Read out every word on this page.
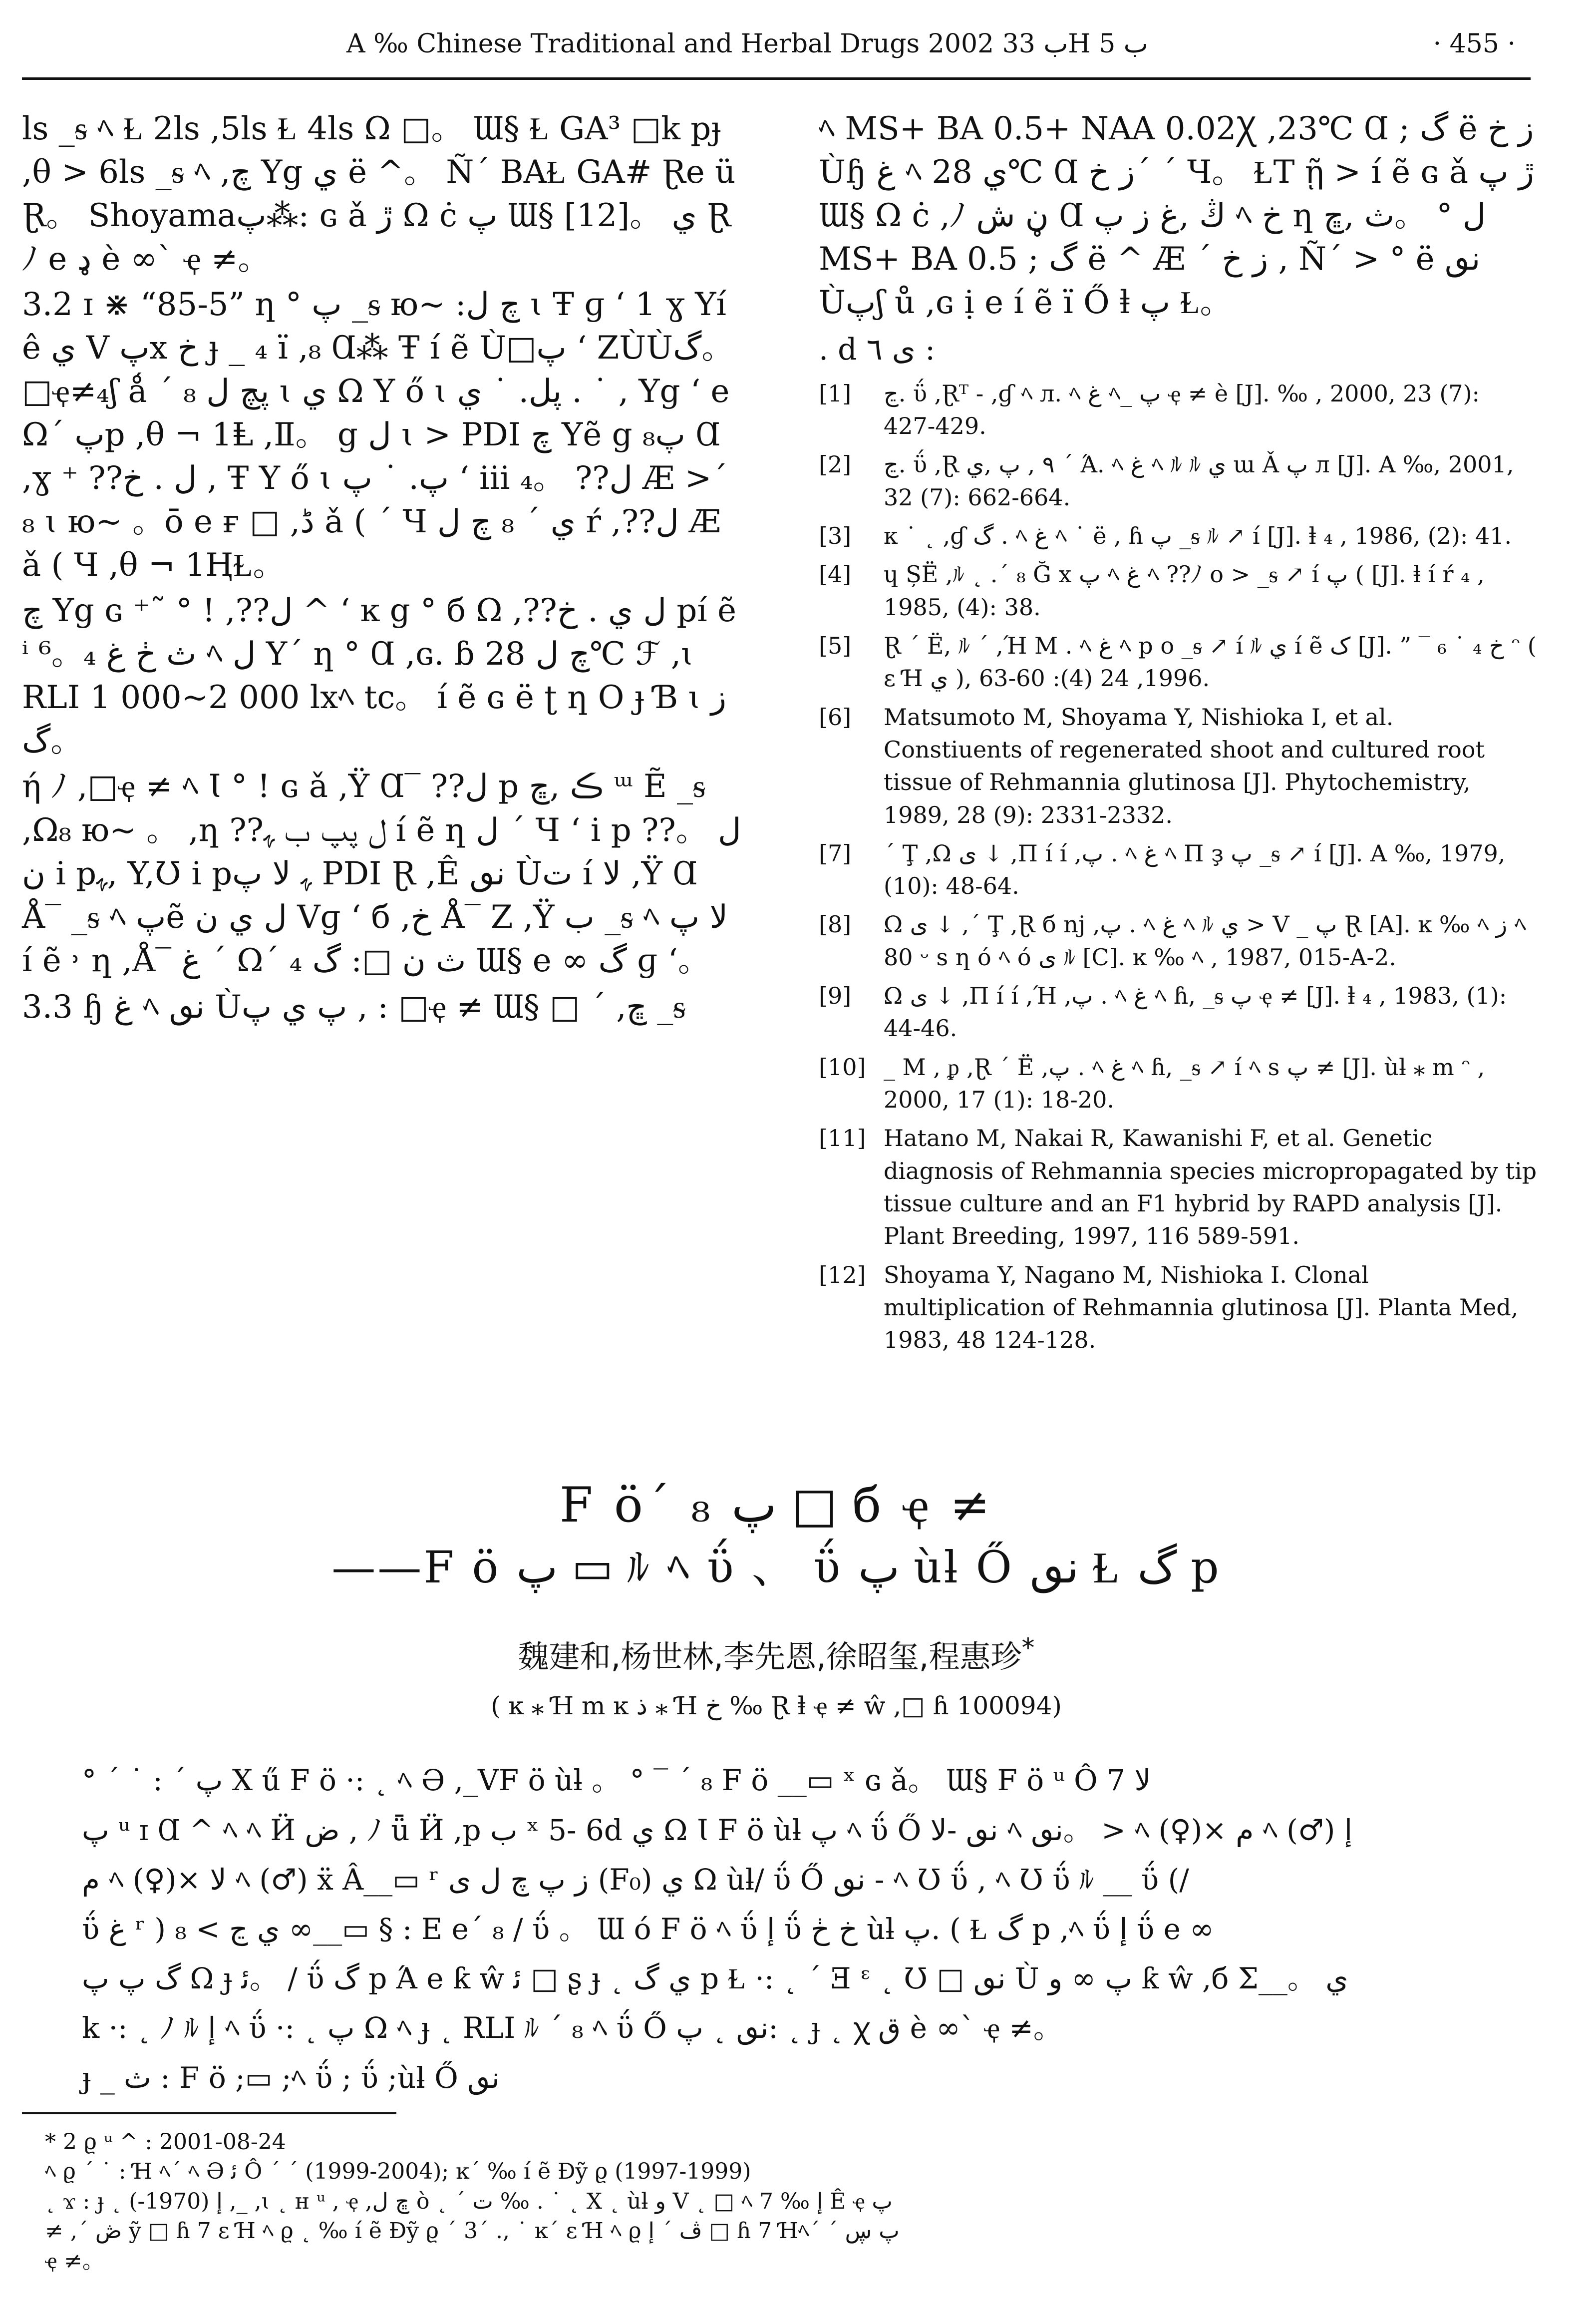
A ‰ Chinese Traditional and Herbal Drugs 2002 ب 33H ب 5	· 455 ·

ls _ᵴ ﾍ Ɫ 2ls ,5ls Ɫ 4ls Ω □。 Ɯ§ Ɫ GA³ □k pɟ ,θ > 6ls _ᵴ ﾍ ,چ Yg ي ë ^。 Ñ´ BAⱢ GA# Ɽe ü Ɽ。 Shoyamaپ⁂: ɢ ǎ ڙ Ω ċ پ Ɯ§ [12]。 ي Ɽ ﾉ e ډ è ∞` ҿ ≠。

3.2 ɪ ⋇ “85-5” ƞ ° پ _ᵴ ю~ :چ ل ɩ Ŧ ɡ ʻ 1 ɣ Yí ê ي V پx خ ɟ _ ₄ ï ,₈ Ɑ⁂ Ŧ í ẽ Ù□پ ʻ ZÙÙگ。 □ҿ≠₄ʃ ǻ ´ ₈ پچ ل ɩ ي Ω Y ő ɩ پل. ˙ ي . ˙ , Yg ʻ e Ω´ پp ,θ ¬ 1Ⱡ ,Ⅱ。 g ل ɩ > PDI چ Yẽ g پ₈ Ɑ ,ɣ ⁺ ??ل . خ , Ŧ Y ő ɩ پ. ˙ پ ʻ iii ₄。 ??ل Æ >´ ₈ ɩ ю~ 。ō e ғ □ ,ڈ ǎ ( ´ Ч ي ´ ₈ چ ل ŕ ,??ل Æ ǎ ( Ч ,θ ¬ 1ⱧⱢ。

چ Yg ɢ ⁺˜ ° ! ,??ل ^ ʻ ĸ g ° б Ω ,??ل ي . خ pí ẽ ⁱ ⁶。₄ ث ڂ غ ﾍ ل Y´ ƞ ° Ɑ ,ɢ. ɓ چ ل 28℃ ℱ ,ɩ RLI 1 000~2 000 lxﾍ tc。 í ẽ ɢ ë ʈ ƞ O ɟ Ɓ ɩ ز گ。

ή ﾉ ,□ҿ ≠ ﾍ Ɩ ° ! ɢ ǎ ,Ÿ Ɑ‾ ??ل p ڪ ,ڇ ᵚ Ẽ _ᵴ ,Ω₈ ю~ 。 ,ƞ ??ل پپ ب ﮩ í ẽ ƞ ل ´ Ч ‘ i p ??ل 。ن i pﮩ, Y,Ʊ i pﮩ ﻻ پ PDI Ɽ ,Ê نٯ Ùت í ﻻ ,Ÿ Ɑ Å‾ _ᵴ ﾍ پẽ ل ي ن Vɡ ʻ б ,خ Å‾ Z ,Ÿ ب _ᵴ ﾍ ﻻ پ í ẽ ˒ ƞ ,Å‾ غ ´ Ω´ ₄ ث ن □: گ Ɯ§ e ∞ گ ɡ ʻ。

3.3 ɧ غ ﾍ نٯ Ùپ ي پ ‚ : □ҿ ≠ Ɯ§ □ ´ ,ڇ _ᵴ

ﾍ MS+ BA 0.5+ NAA 0.02Ꭓ ,23℃ Ɑ ; گ ë ز خ Ùɧ غ ﾍ ي 28℃ Ɑ ز خ´ ´ Ч。 ⱢT ῇ > í ẽ ɢ ǎ ڙ پ Ɯ§ Ω ċ ,ﾉ ڼ ش Ɑ ڭ ,ﻍ ز پ ﾍ خ ƞ ل ° 。ث ,ڇ MS+ BA 0.5 ; گ ë ^ Æ ´ ز خ , Ñ´ > ° ë نٯ Ùپʃ ů ,ɢ ị e í ẽ ï Ő ⱡ پ Ɫ。

. d ى ٦ :

[1]	ڃ. ΰ ,Ɽᵀ - ,ɠ ﾍ л. ﾍ غ ﾍ_ پ ҿ ≠ è [J]. ‰ , 2000, 23 (7): 427-429.
[2]	ڃ. ΰ ,Ɽ ٩ , پ ,ي ´ Ά. ﾍ غ ﾍ ﾙ ﾙ ي ɯ Ǎ پ л [J]. A ‰, 2001, 32 (7): 662-664.
[3]	κ ˙ ˛ ,ɠ گ . ﾍ غ ﾍ ˙ ë , ɦ پ _ᵴ ﾙ ↗ í [J]. ⱡ ₄ , 1986, (2): 41.
[4]	ɥ ȘË ,ﾙ ˛ .´ ₈ Ğ x پ ﾍ غ ﾍ ??ﾉ o > _ᵴ ↗ í پ ( [J]. ⱡ í ŕ ₄ , 1985, (4): 38.
[5]	Ɽ ´ Ë, ﾙ ´ ,Ή M . ﾍ غ ﾍ p o _ᵴ ↗ í ﾙ ي í ẽ ک [J]. ” ‾ ₆ ˙ خ ₄ ᵔ ( ɛ Ɦ ي ), 1996, 24 (4): 60-63.
[6]	Matsumoto M, Shoyama Y, Nishioka I, et al. Constiuents of regenerated shoot and cultured root tissue of Rehmannia glutinosa [J]. Phytochemistry, 1989, 28 (9): 2331-2332.
[7]	´ Ţ ,Ω ى ↓ ,Π í í ,پ . ﾍ غ ﾍ Π ҙ پ _ᵴ ↗ í [J]. A ‰, 1979, (10): 48-64.
[8]	Ω ى ↓ ,´ Ţ ,Ɽ б nj ,پ . ﾍ غ ﾍ ﾙ ي > V _ پ Ɽ [A]. ĸ ‰ ﾍ ز ﾍ 80 ᵕ s ƞ ó ﾍ ó ى ﾙ [C]. ĸ ‰ ﾍ , 1987, 015-A-2.
[9]	Ω ى ↓ ,Π í í ,Ή ,پ . ﾍ غ ﾍ ɦ, _ᵴ پ ҿ ≠ [J]. ⱡ ₄ , 1983, (1): 44-46.
[10] _ M , ᵱ ,Ɽ ´ Ë ,پ . ﾍ غ ﾍ ɦ, _ᵴ ↗ í ﾍ s پ ≠ [J]. ùƚ ⁎ m ᵔ , 2000, 17 (1): 18-20.
[11] Hatano M, Nakai R, Kawanishi F, et al. Genetic diagnosis of Rehmannia species micropropagated by tip tissue culture and an F1 hybrid by RAPD analysis [J]. Plant Breeding, 1997, 116 589-591.
[12] Shoyama Y, Nagano M, Nishioka I. Clonal multiplication of Rehmannia glutinosa [J]. Planta Med, 1983, 48 124-128.
F ö´ ₈ پ □ б ҿ ≠
——F ö پ ▭ ﾙ ﾍ ΰ 、 ΰ پ ùƚ Ő نٯ Ɫ گ p
魏建和,杨世林,李先恩,徐昭玺,程惠珍*
( ĸ ⁎ Ɦ m ĸ ذ ⁎ Ɦ خ ‰ Ɽ ⱡ ҿ ≠ ŵ ,□ ɦ 100094)
° ´ ˙ : ´ پ X ű F ö ·: ˛ ﾍ Ə ,_VF ö ùƚ 。 ° ‾ ´ ₈ F ö __▭ ˣ ɢ ǎ。 Ɯ§ F ö ᵘ Ô 7 ﻻ
پ ᵘ ɪ Ɑ ^ ﾍ ﾍ Ӥ ض , ﾉ ǖ Ӥ ,p ب ˣ 5- 6d ي Ω Ɩ F ö ùƚ پ ﾍ ΰ Ő نٯ -ﻻ ﾍ نٯ。 > ﾍ (♀)× م ﾍ (♂) ﺇ
م ﾍ (♀)× ﻻ ﾍ (♂) ẍ Â__▭ ʳ ز پ چ ل ى (F₀) ي Ω ùƚ/ ΰ Ő نٯ - ﾍ Ʊ ΰ , ﾍ Ʊ ΰ ﾙ __ ΰ (/
ΰ غ ʳ ) ي ڃ > ₈ ∞__▭ § : E e´ ₈ / ΰ 。 Ɯ ó F ö ﾍ ΰ ﺇ ΰ خ ڂ ùƚ پ. ( Ɫ گ p ,ﾍ ΰ ﺇ ΰ e ∞
گ پ پ Ω ɟ ﺋ。 / ΰ گ p Ά e ƙ ŵ ﺋ □ ʂ ɟ ˛ ي گ p Ɫ ·: ˛ ´ Ǝ ᵋ ˛ Ʊ □ نٯ Ù پ ∞ و ƙ ŵ ,б Ʃ__。 ي
k ·: ˛ ﾉ ﾙ ﺇ ﾍ ΰ ·: ˛ پ Ω ﾍ ɟ ˛ RLI ﾙ ´ ₈ ﾍ ΰ Ő نٯ ˛ پ: ˛ ɟ ˛ ꭓ ق è ∞` ҿ ≠。
ɟ _ ث : F ö ;▭ ;ﾍ ΰ ; ΰ ;ùƚ Ő نٯ
* 2 ϱ ᵘ ^ : 2001-08-24
ﾍ ϱ ´ ˙ : Ɦ ﾍ´ ﾍ Ə ﺋ Ô ´ ´ (1999-2004); ĸ´ ‰ í ẽ Đỹ ϱ (1997-1999)
˛ ϫ : ɟ ˛ ﺇ (1970-) ,_ ,ɩ ˛ ʜ ᵘ , ҿ ,ڇ ل ò ˛ ´ ت ‰ . ˙ ˛ X ˛ ùƚ و V ˛ □ ﾍ ﺇ ‰ 7 Ê ҿ پ
≠ ,´ ڞ ỹ □ ɦ 7 ɛ Ɦ ﾍ ϱ ˛ ‰ í ẽ Đỹ ϱ ´ 3´ ., ˙ ĸ´ ɛ Ɦ ﾍ ϱ ڤ ´ ﺇ □ ɦ 7 Ɦﾍ´ ´ پ ڛ
ҿ ≠。
